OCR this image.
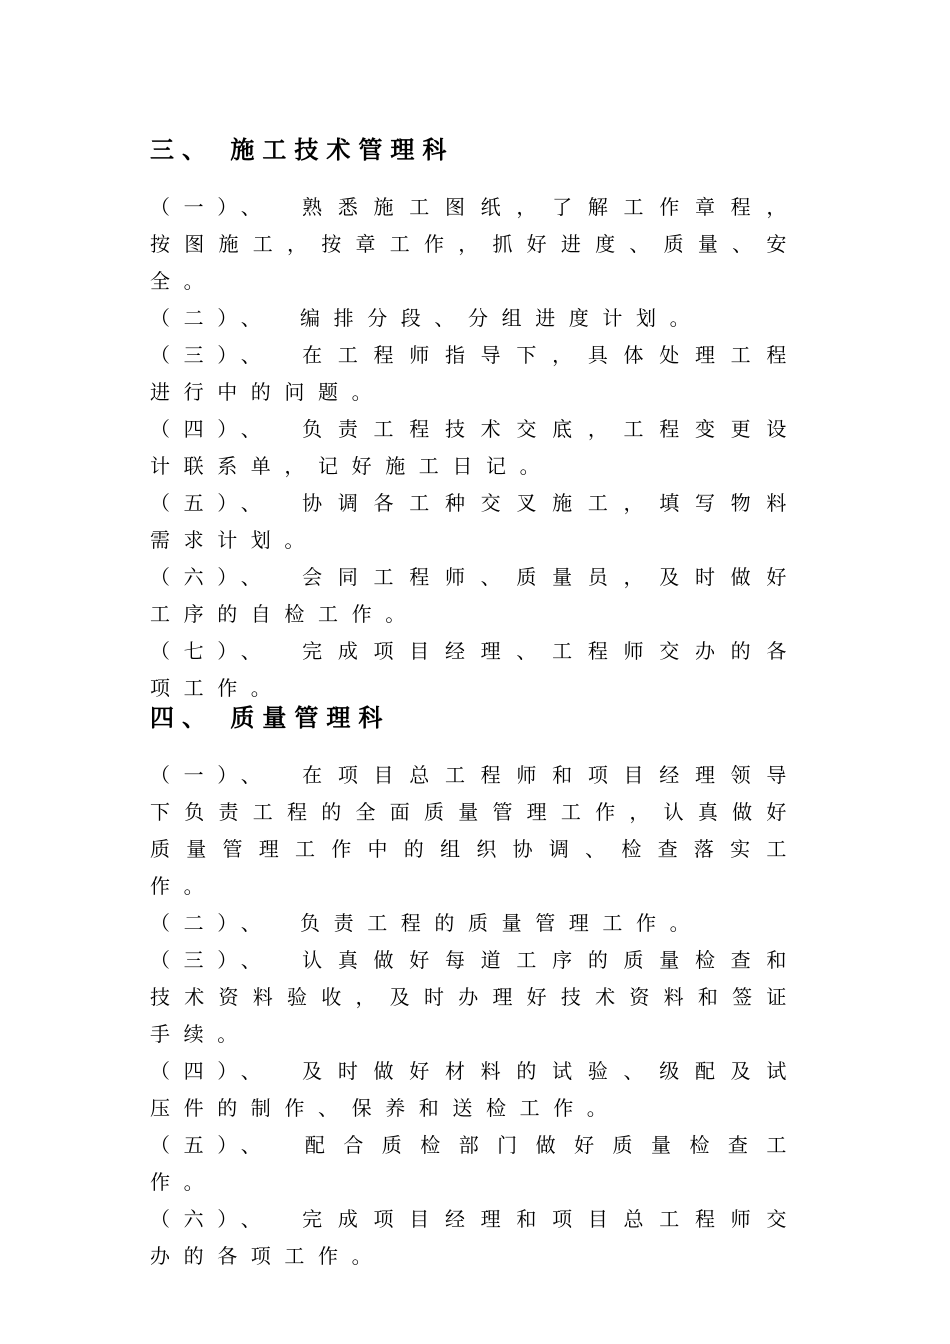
三、 施工技术管理科

（一）、 熟悉施工图纸，了解工作章程，按图施工，按章工作，抓好进度、质量、安全。

（二）、 编排分段、分组进度计划。

（三）、 在工程师指导下，具体处理工程进行中的问题。

（四）、 负责工程技术交底，工程变更设计联系单，记好施工日记。

（五）、 协调各工种交叉施工，填写物料需求计划。

（六）、 会同工程师、质量员，及时做好工序的自检工作。

（七）、 完成项目经理、工程师交办的各项工作。

四、 质量管理科

（一）、 在项目总工程师和项目经理领导下负责工程的全面质量管理工作，认真做好质量管理工作中的组织协调、检查落实工作。

（二）、 负责工程的质量管理工作。

（三）、 认真做好每道工序的质量检查和技术资料验收，及时办理好技术资料和签证手续。

（四）、 及时做好材料的试验、级配及试压件的制作、保养和送检工作。

（五）、 配合质检部门做好质量检查工作。

（六）、 完成项目经理和项目总工程师交办的各项工作。
